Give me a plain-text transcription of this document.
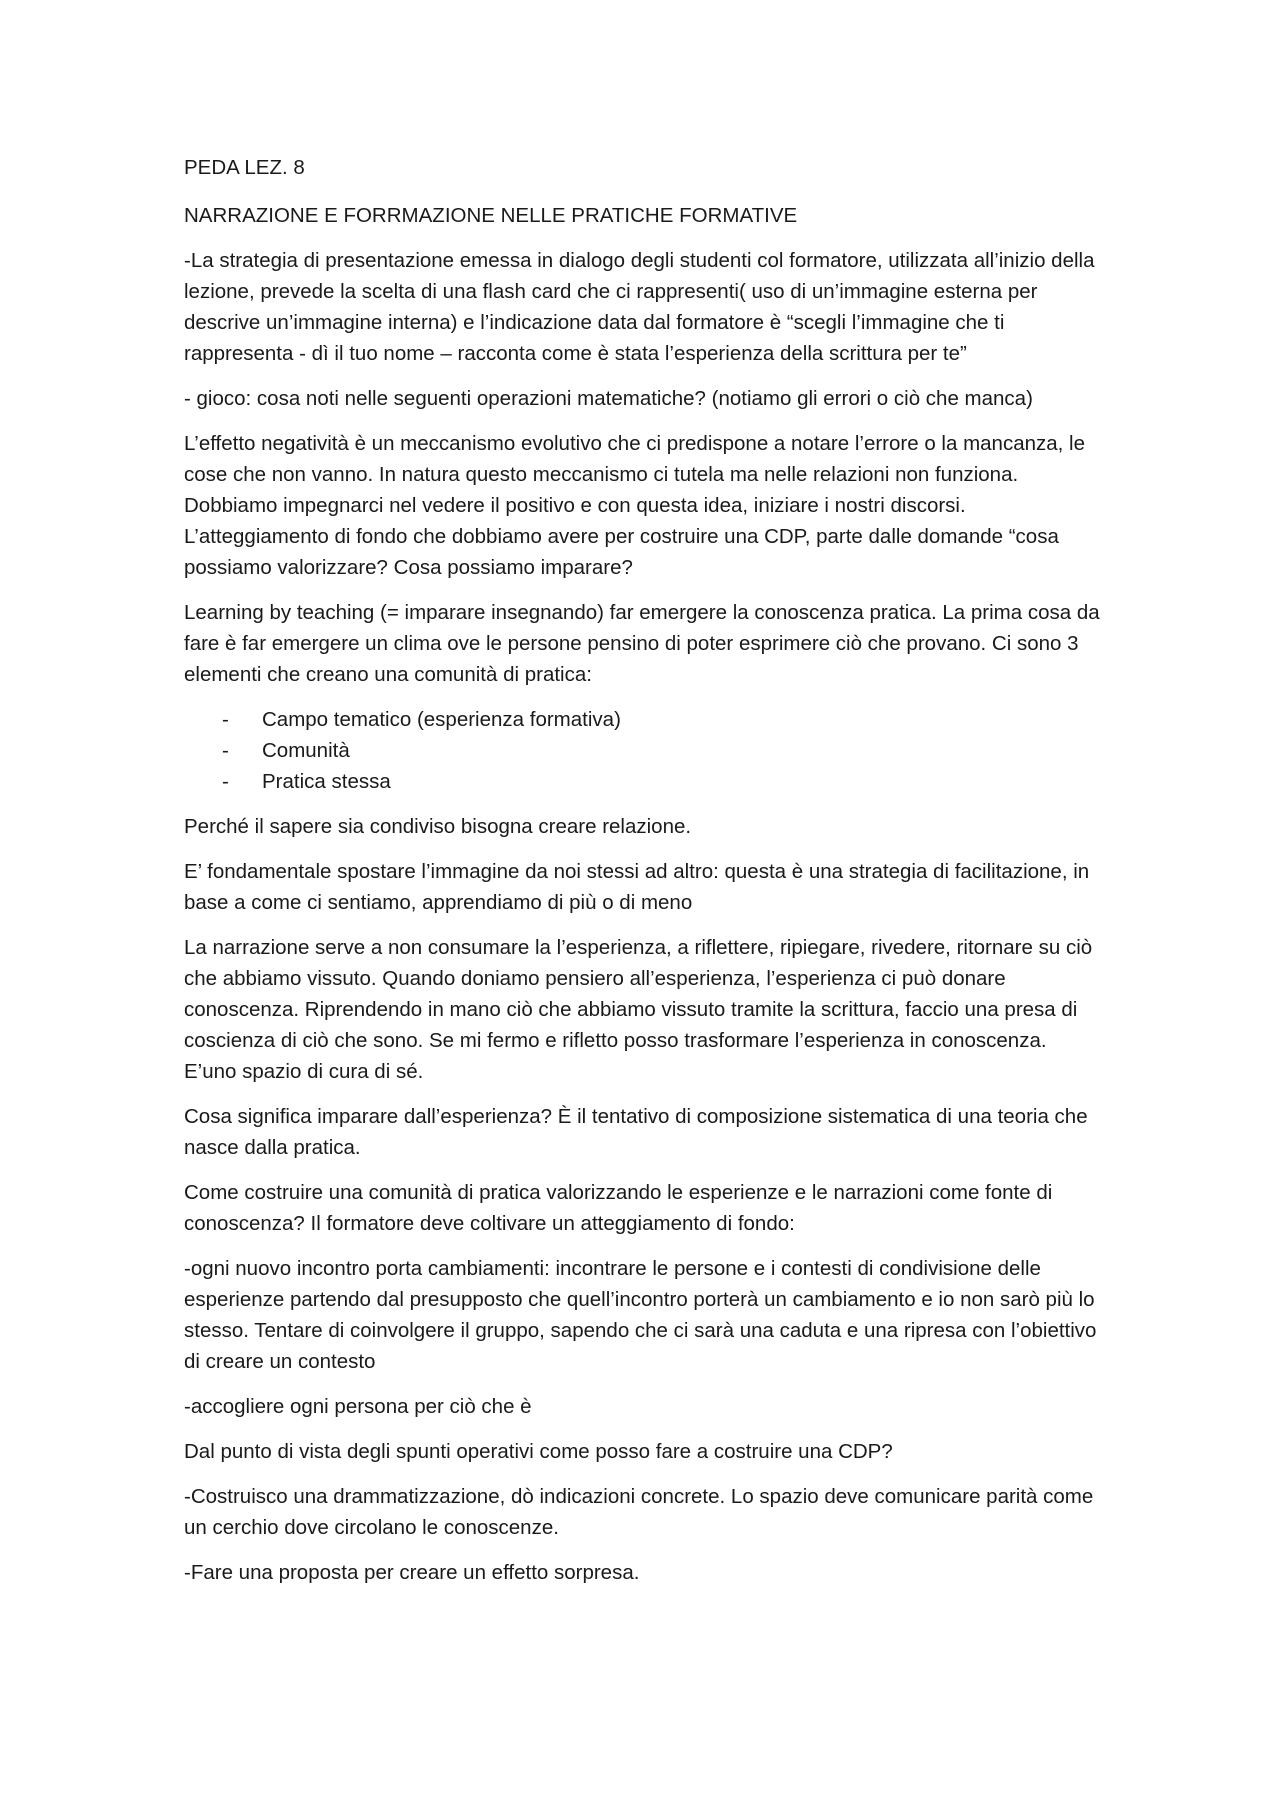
PEDA LEZ. 8

NARRAZIONE E FORRMAZIONE NELLE PRATICHE FORMATIVE

-La strategia di presentazione emessa in dialogo degli studenti col formatore, utilizzata all’inizio della lezione, prevede la scelta di una flash card che ci rappresenti( uso di un’immagine esterna per descrive un’immagine interna) e l’indicazione data dal formatore è “scegli l’immagine che ti rappresenta - dì il tuo nome – racconta come è stata l’esperienza della scrittura per te”

- gioco: cosa noti nelle seguenti operazioni matematiche? (notiamo gli errori o ciò che manca)

L’effetto negatività è un meccanismo evolutivo che ci predispone a notare l’errore o la mancanza, le cose che non vanno. In natura questo meccanismo ci tutela ma nelle relazioni non funziona. Dobbiamo impegnarci nel vedere il positivo e con questa idea, iniziare i nostri discorsi. L’atteggiamento di fondo che dobbiamo avere per costruire una CDP, parte dalle domande “cosa possiamo valorizzare? Cosa possiamo imparare?

Learning by teaching (= imparare insegnando) far emergere la conoscenza pratica. La prima cosa da fare è far emergere un clima ove le persone pensino di poter esprimere ciò che provano. Ci sono 3 elementi che creano una comunità di pratica:

- Campo tematico (esperienza formativa)
- Comunità
- Pratica stessa

Perché il sapere sia condiviso bisogna creare relazione.

E’ fondamentale spostare l’immagine da noi stessi ad altro: questa è una strategia di facilitazione, in base a come ci sentiamo, apprendiamo di più o di meno

La narrazione serve a non consumare la l’esperienza, a riflettere, ripiegare, rivedere, ritornare su ciò che abbiamo vissuto. Quando doniamo pensiero all’esperienza, l’esperienza ci può donare conoscenza. Riprendendo in mano ciò che abbiamo vissuto tramite la scrittura, faccio una presa di coscienza di ciò che sono. Se mi fermo e rifletto posso trasformare l’esperienza in conoscenza. E’uno spazio di cura di sé.

Cosa significa imparare dall’esperienza? È il tentativo di composizione sistematica di una teoria che nasce dalla pratica.

Come costruire una comunità di pratica valorizzando le esperienze e le narrazioni come fonte di conoscenza? Il formatore deve coltivare un atteggiamento di fondo:

-ogni nuovo incontro porta cambiamenti: incontrare le persone e i contesti di condivisione delle esperienze partendo dal presupposto che quell’incontro porterà un cambiamento e io non sarò più lo stesso. Tentare di coinvolgere il gruppo, sapendo che ci sarà una caduta e una ripresa con l’obiettivo di creare un contesto

-accogliere ogni persona per ciò che è

Dal punto di vista degli spunti operativi come posso fare a costruire una CDP?

-Costruisco una drammatizzazione, dò indicazioni concrete. Lo spazio deve comunicare parità come un cerchio dove circolano le conoscenze.

-Fare una proposta per creare un effetto sorpresa.
